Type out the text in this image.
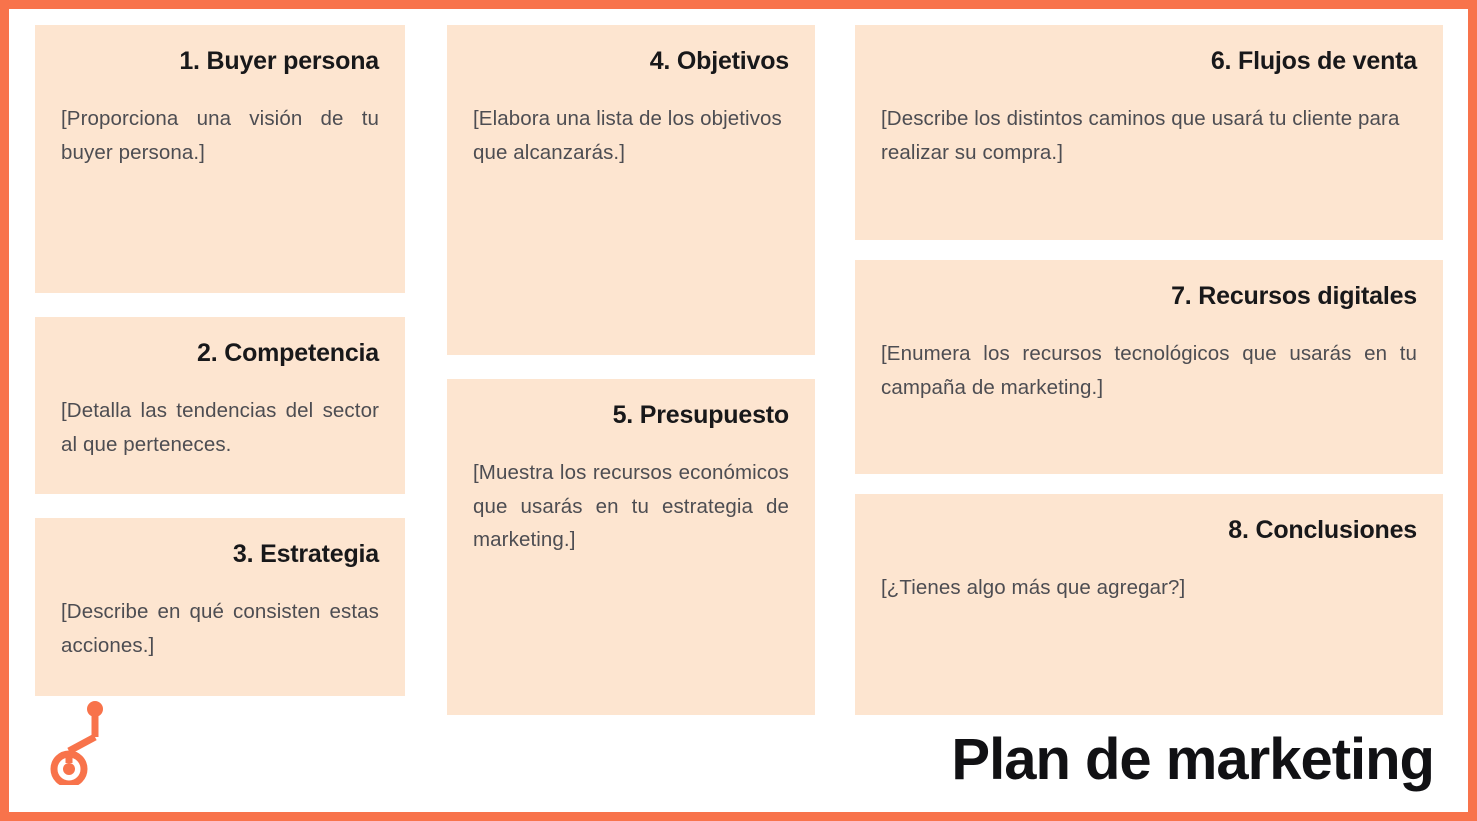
1. Buyer persona

[Proporciona una visión de tu buyer persona.]

2. Competencia

[Detalla las tendencias del sector al que perteneces.

3. Estrategia

[Describe en qué consisten estas acciones.]

4. Objetivos

[Elabora una lista de los objetivos que alcanzarás.]

5. Presupuesto

[Muestra los recursos económicos que usarás en tu estrategia de marketing.]

6. Flujos de venta

[Describe los distintos caminos que usará tu cliente para realizar su compra.]

7. Recursos digitales

[Enumera los recursos tecnológicos que usarás en tu campaña de marketing.]

8. Conclusiones

[¿Tienes algo más que agregar?]

Plan de marketing
